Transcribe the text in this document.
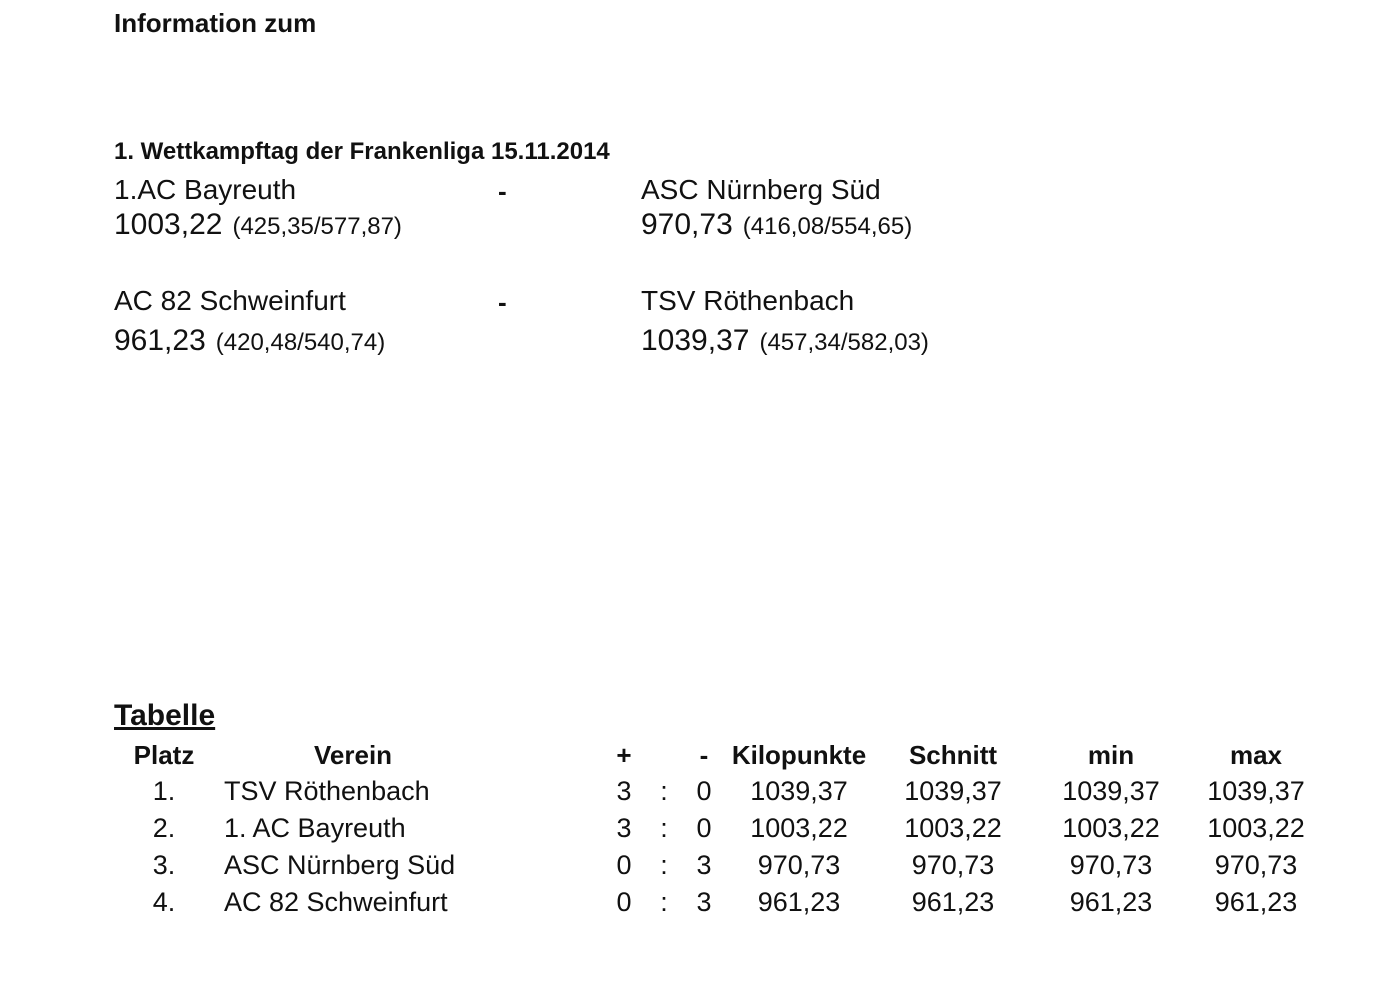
Information zum
1. Wettkampftag der Frankenliga 15.11.2014
1.AC Bayreuth	-	ASC Nürnberg Süd
1003,22 (425,35/577,87)	970,73 (416,08/554,65)
AC 82 Schweinfurt	-	TSV Röthenbach
961,23 (420,48/540,74)	1039,37 (457,34/582,03)
Tabelle
Platz	Verein	+		-	Kilopunkte	Schnitt	min	max
1.	TSV Röthenbach	3	:	0	1039,37	1039,37	1039,37	1039,37
2.	1. AC Bayreuth	3	:	0	1003,22	1003,22	1003,22	1003,22
3.	ASC Nürnberg Süd	0	:	3	970,73	970,73	970,73	970,73
4.	AC 82 Schweinfurt	0	:	3	961,23	961,23	961,23	961,23
